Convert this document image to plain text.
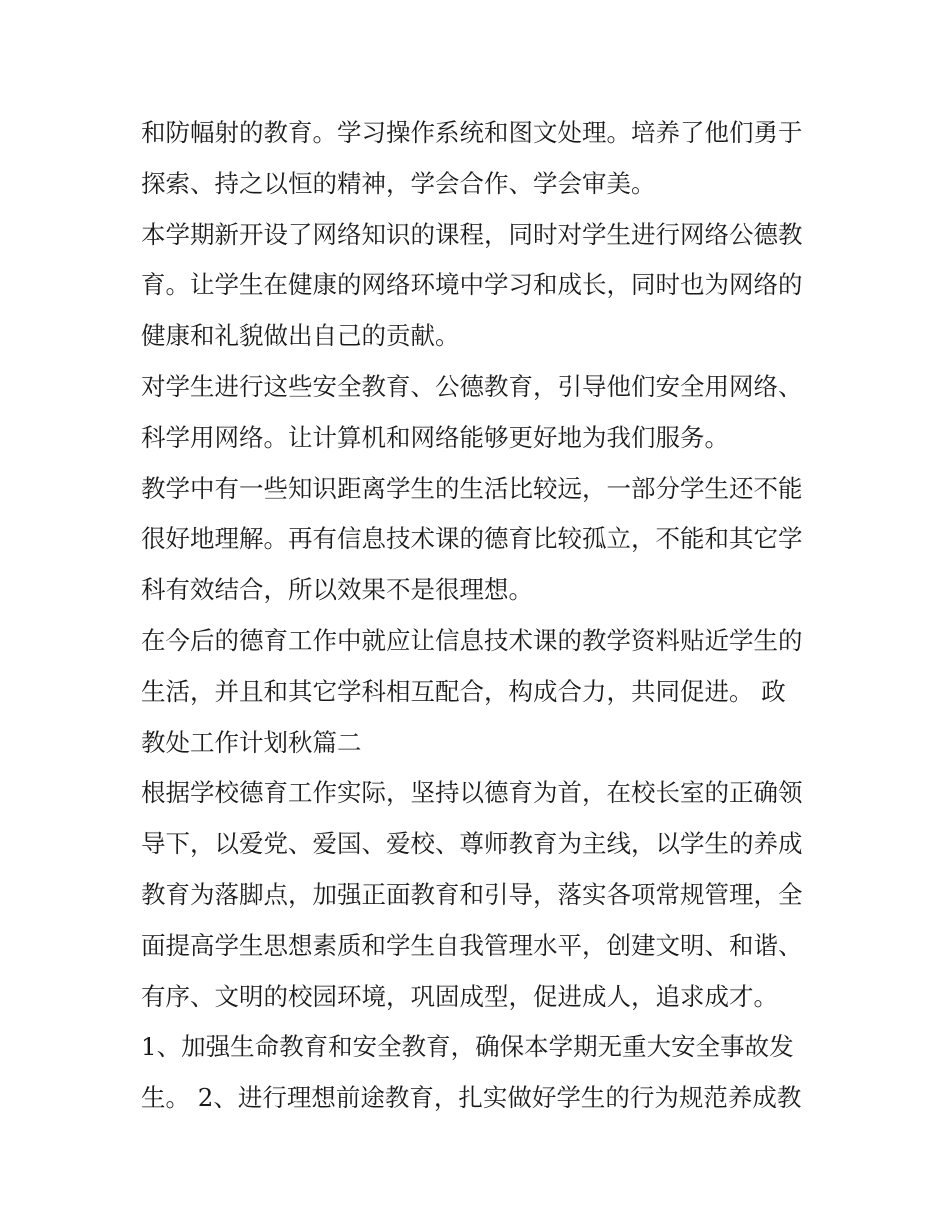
和防幅射的教育。学习操作系统和图文处理。培养了他们勇于
探索、持之以恒的精神，学会合作、学会审美。
本学期新开设了网络知识的课程，同时对学生进行网络公德教
育。让学生在健康的网络环境中学习和成长，同时也为网络的
健康和礼貌做出自己的贡献。
对学生进行这些安全教育、公德教育，引导他们安全用网络、
科学用网络。让计算机和网络能够更好地为我们服务。
教学中有一些知识距离学生的生活比较远，一部分学生还不能
很好地理解。再有信息技术课的德育比较孤立，不能和其它学
科有效结合，所以效果不是很理想。
在今后的德育工作中就应让信息技术课的教学资料贴近学生的
生活，并且和其它学科相互配合，构成合力，共同促进。 政
教处工作计划秋篇二
根据学校德育工作实际，坚持以德育为首，在校长室的正确领
导下，以爱党、爱国、爱校、尊师教育为主线，以学生的养成
教育为落脚点，加强正面教育和引导，落实各项常规管理，全
面提高学生思想素质和学生自我管理水平，创建文明、和谐、
有序、文明的校园环境，巩固成型，促进成人，追求成才。
1、加强生命教育和安全教育，确保本学期无重大安全事故发
生。 2、进行理想前途教育，扎实做好学生的行为规范养成教
